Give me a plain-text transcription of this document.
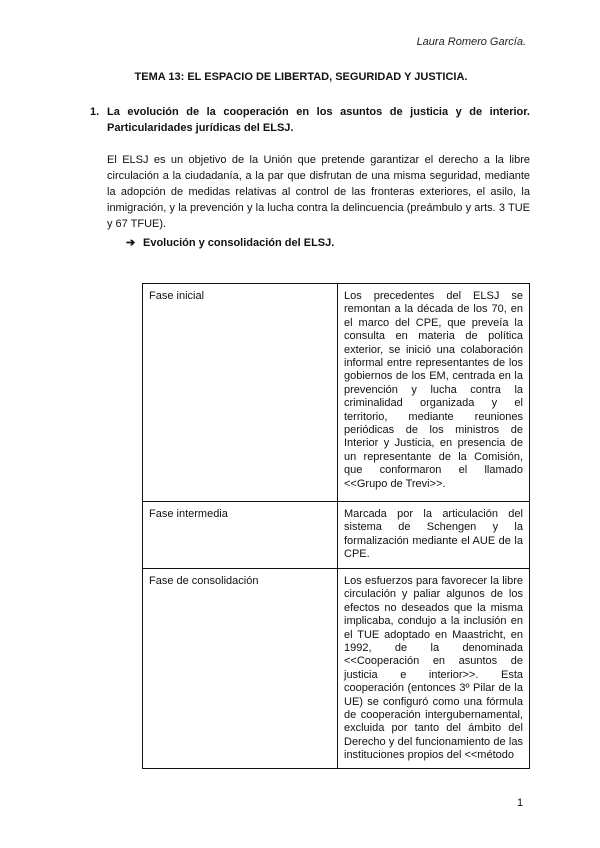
Laura Romero García.
TEMA 13: EL ESPACIO DE LIBERTAD, SEGURIDAD Y JUSTICIA.
1. La evolución de la cooperación en los asuntos de justicia y de interior. Particularidades jurídicas del ELSJ.
El ELSJ es un objetivo de la Unión que pretende garantizar el derecho a la libre circulación a la ciudadanía, a la par que disfrutan de una misma seguridad, mediante la adopción de medidas relativas al control de las fronteras exteriores, el asilo, la inmigración, y la prevención y la lucha contra la delincuencia (preámbulo y arts. 3 TUE y 67 TFUE).
➔ Evolución y consolidación del ELSJ.
Fase inicial	Los precedentes del ELSJ se remontan a la década de los 70, en el marco del CPE, que preveía la consulta en materia de política exterior, se inició una colaboración informal entre representantes de los gobiernos de los EM, centrada en la prevención y lucha contra la criminalidad organizada y el territorio, mediante reuniones periódicas de los ministros de Interior y Justicia, en presencia de un representante de la Comisión, que conformaron el llamado <<Grupo de Trevi>>.
Fase intermedia	Marcada por la articulación del sistema de Schengen y la formalización mediante el AUE de la CPE.
Fase de consolidación	Los esfuerzos para favorecer la libre circulación y paliar algunos de los efectos no deseados que la misma implicaba, condujo a la inclusión en el TUE adoptado en Maastricht, en 1992, de la denominada <<Cooperación en asuntos de justicia e interior>>. Esta cooperación (entonces 3º Pilar de la UE) se configuró como una fórmula de cooperación intergubernamental, excluida por tanto del ámbito del Derecho y del funcionamiento de las instituciones propios del <<método
1
